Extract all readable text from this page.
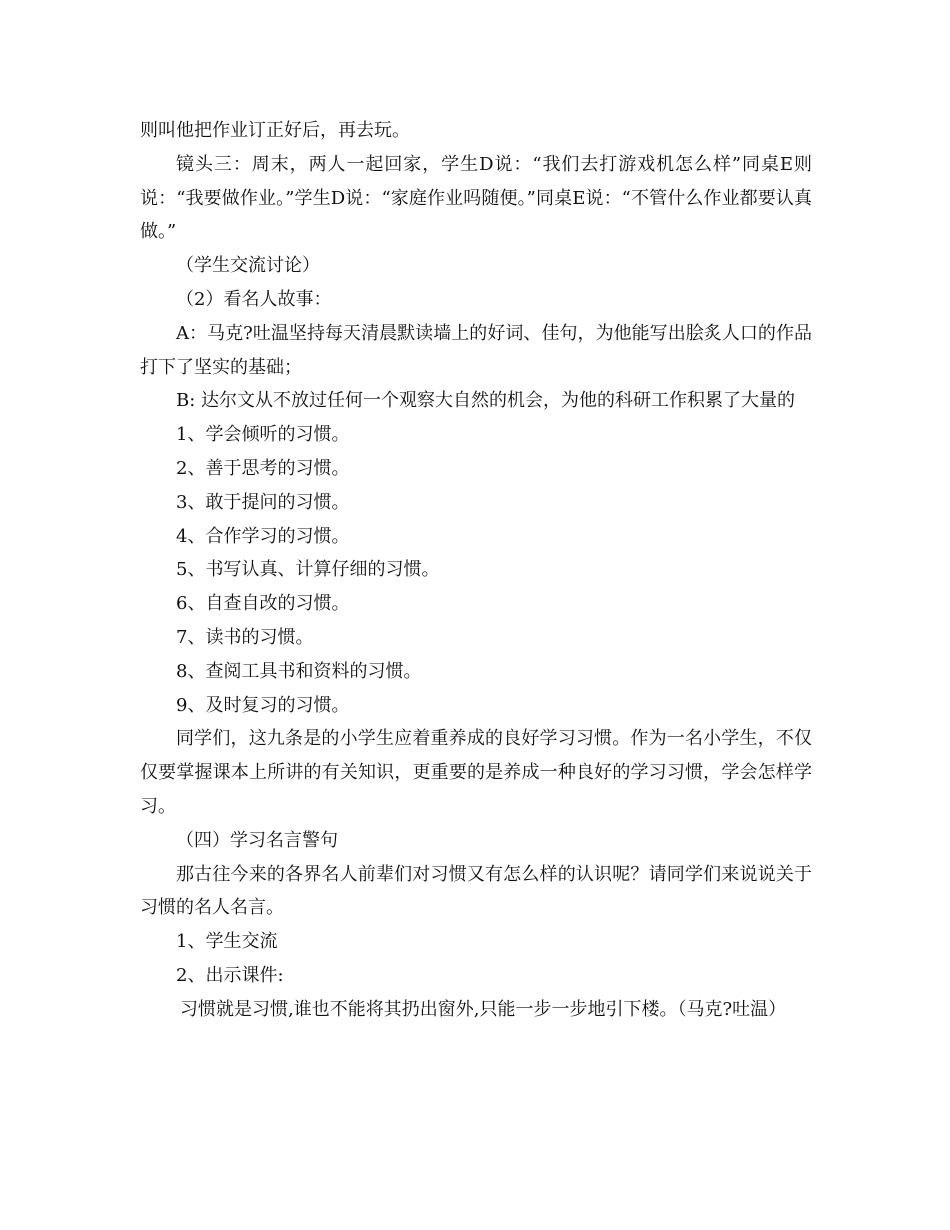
则叫他把作业订正好后，再去玩。

镜头三：周末，两人一起回家，学生D说：“我们去打游戏机怎么样”同桌E则说：“我要做作业。”学生D说：“家庭作业吗随便。”同桌E说：“不管什么作业都要认真做。”

（学生交流讨论）

（2）看名人故事：

A：马克?吐温坚持每天清晨默读墙上的好词、佳句，为他能写出脍炙人口的作品打下了坚实的基础；

B: 达尔文从不放过任何一个观察大自然的机会，为他的科研工作积累了大量的

1、学会倾听的习惯。

2、善于思考的习惯。

3、敢于提问的习惯。

4、合作学习的习惯。

5、书写认真、计算仔细的习惯。

6、自查自改的习惯。

7、读书的习惯。

8、查阅工具书和资料的习惯。

9、及时复习的习惯。

同学们，这九条是的小学生应着重养成的良好学习习惯。作为一名小学生，不仅仅要掌握课本上所讲的有关知识，更重要的是养成一种良好的学习习惯，学会怎样学习。

（四）学习名言警句

那古往今来的各界名人前辈们对习惯又有怎么样的认识呢？请同学们来说说关于习惯的名人名言。

1、学生交流

2、出示课件:

习惯就是习惯,谁也不能将其扔出窗外,只能一步一步地引下楼。（马克?吐温）
